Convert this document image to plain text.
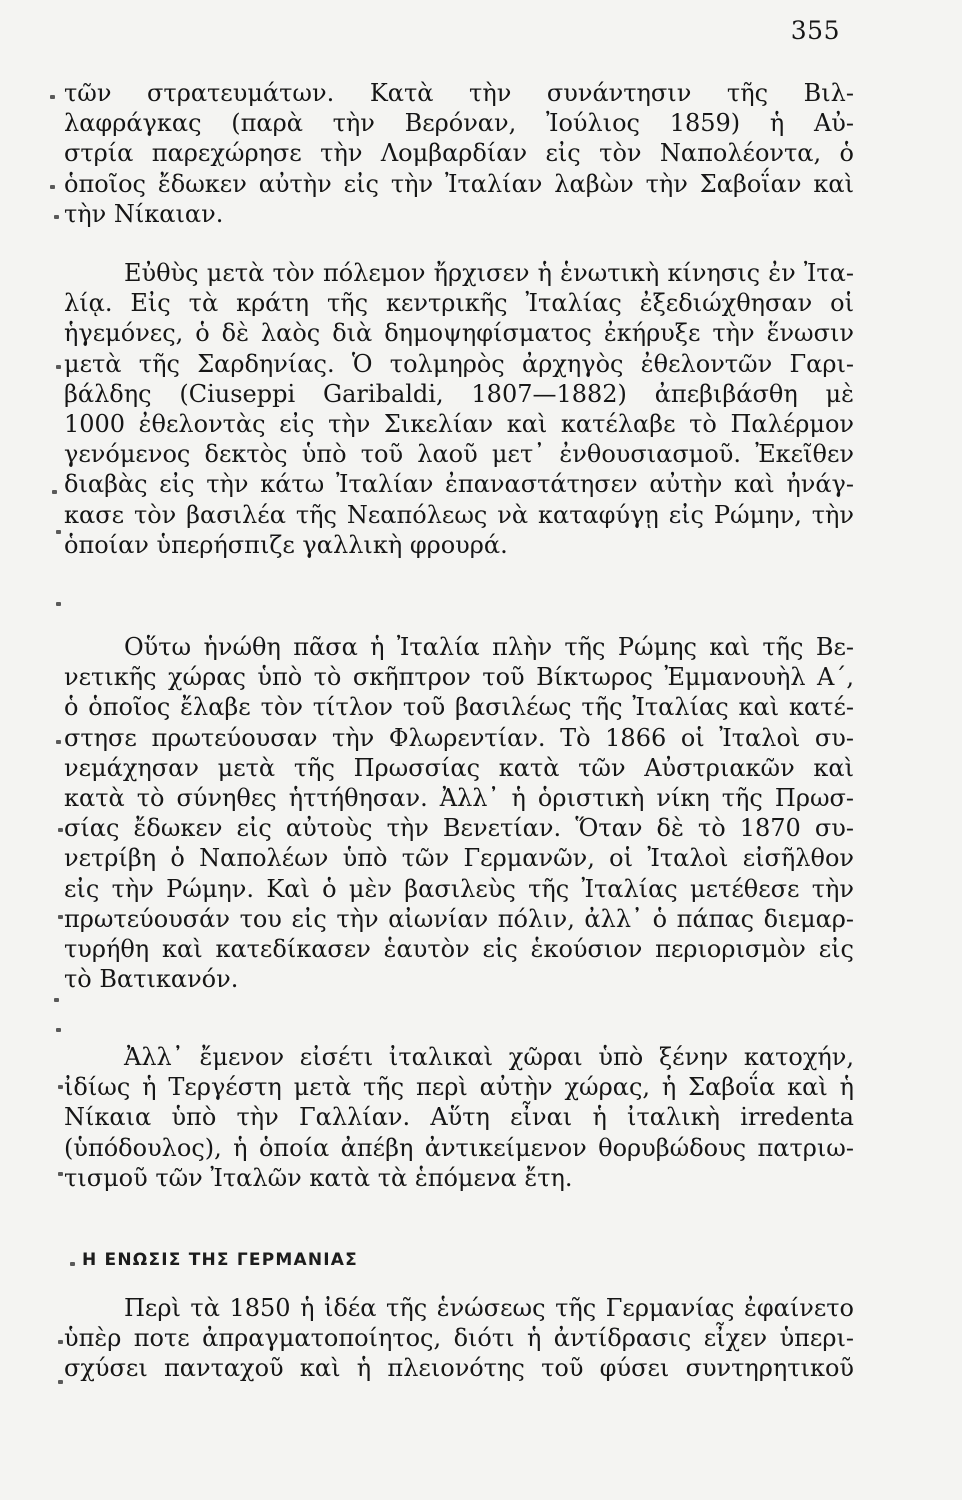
355
τῶν στρατευμάτων. Κατὰ τὴν συνάντησιν τῆς Βιλ-
λαφράγκας (παρὰ τὴν Βερόναν, Ἰούλιος 1859) ἡ Αὐ-
στρία παρεχώρησε τὴν Λομβαρδίαν εἰς τὸν Ναπολέοντα, ὁ
ὁποῖος ἔδωκεν αὐτὴν εἰς τὴν Ἰταλίαν λαβὼν τὴν Σαβοΐαν καὶ
τὴν Νίκαιαν.
Εὐθὺς μετὰ τὸν πόλεμον ἤρχισεν ἡ ἑνωτικὴ κίνησις ἐν Ἰτα-
λίᾳ. Εἰς τὰ κράτη τῆς κεντρικῆς Ἰταλίας ἐξεδιώχθησαν οἱ
ἡγεμόνες, ὁ δὲ λαὸς διὰ δημοψηφίσματος ἐκήρυξε τὴν ἕνωσιν
μετὰ τῆς Σαρδηνίας. Ὁ τολμηρὸς ἀρχηγὸς ἐθελοντῶν Γαρι-
βάλδης (Ciuseppi Garibaldi, 1807—1882) ἀπεβιβάσθη μὲ
1000 ἐθελοντὰς εἰς τὴν Σικελίαν καὶ κατέλαβε τὸ Παλέρμον
γενόμενος δεκτὸς ὑπὸ τοῦ λαοῦ μετ᾽ ἐνθουσιασμοῦ. Ἐκεῖθεν
διαβὰς εἰς τὴν κάτω Ἰταλίαν ἐπαναστάτησεν αὐτὴν καὶ ἠνάγ-
κασε τὸν βασιλέα τῆς Νεαπόλεως νὰ καταφύγῃ εἰς Ρώμην, τὴν
ὁποίαν ὑπερήσπιζε γαλλικὴ φρουρά.
Οὕτω ἡνώθη πᾶσα ἡ Ἰταλία πλὴν τῆς Ρώμης καὶ τῆς Βε-
νετικῆς χώρας ὑπὸ τὸ σκῆπτρον τοῦ Βίκτωρος Ἐμμανουὴλ Α΄,
ὁ ὁποῖος ἔλαβε τὸν τίτλον τοῦ βασιλέως τῆς Ἰταλίας καὶ κατέ-
στησε πρωτεύουσαν τὴν Φλωρεντίαν. Τὸ 1866 οἱ Ἰταλοὶ συ-
νεμάχησαν μετὰ τῆς Πρωσσίας κατὰ τῶν Αὐστριακῶν καὶ
κατὰ τὸ σύνηθες ἡττήθησαν. Ἀλλ᾽ ἡ ὁριστικὴ νίκη τῆς Πρωσ-
σίας ἔδωκεν εἰς αὐτοὺς τὴν Βενετίαν. Ὅταν δὲ τὸ 1870 συ-
νετρίβη ὁ Ναπολέων ὑπὸ τῶν Γερμανῶν, οἱ Ἰταλοὶ εἰσῆλθον
εἰς τὴν Ρώμην. Καὶ ὁ μὲν βασιλεὺς τῆς Ἰταλίας μετέθεσε τὴν
πρωτεύουσάν του εἰς τὴν αἰωνίαν πόλιν, ἀλλ᾽ ὁ πάπας διεμαρ-
τυρήθη καὶ κατεδίκασεν ἑαυτὸν εἰς ἑκούσιον περιορισμὸν εἰς
τὸ Βατικανόν.
Ἀλλ᾽ ἔμενον εἰσέτι ἰταλικαὶ χῶραι ὑπὸ ξένην κατοχήν,
ἰδίως ἡ Τεργέστη μετὰ τῆς περὶ αὐτὴν χώρας, ἡ Σαβοΐα καὶ ἡ
Νίκαια ὑπὸ τὴν Γαλλίαν. Αὕτη εἶναι ἡ ἰταλικὴ irredenta
(ὑπόδουλος), ἡ ὁποία ἀπέβη ἀντικείμενον θορυβώδους πατριω-
τισμοῦ τῶν Ἰταλῶν κατὰ τὰ ἑπόμενα ἔτη.
Η ΕΝΩΣΙΣ ΤΗΣ ΓΕΡΜΑΝΙΑΣ
Περὶ τὰ 1850 ἡ ἰδέα τῆς ἑνώσεως τῆς Γερμανίας ἐφαίνετο
ὑπὲρ ποτε ἀπραγματοποίητος, διότι ἡ ἀντίδρασις εἶχεν ὑπερι-
σχύσει πανταχοῦ καὶ ἡ πλειονότης τοῦ φύσει συντηρητικοῦ
